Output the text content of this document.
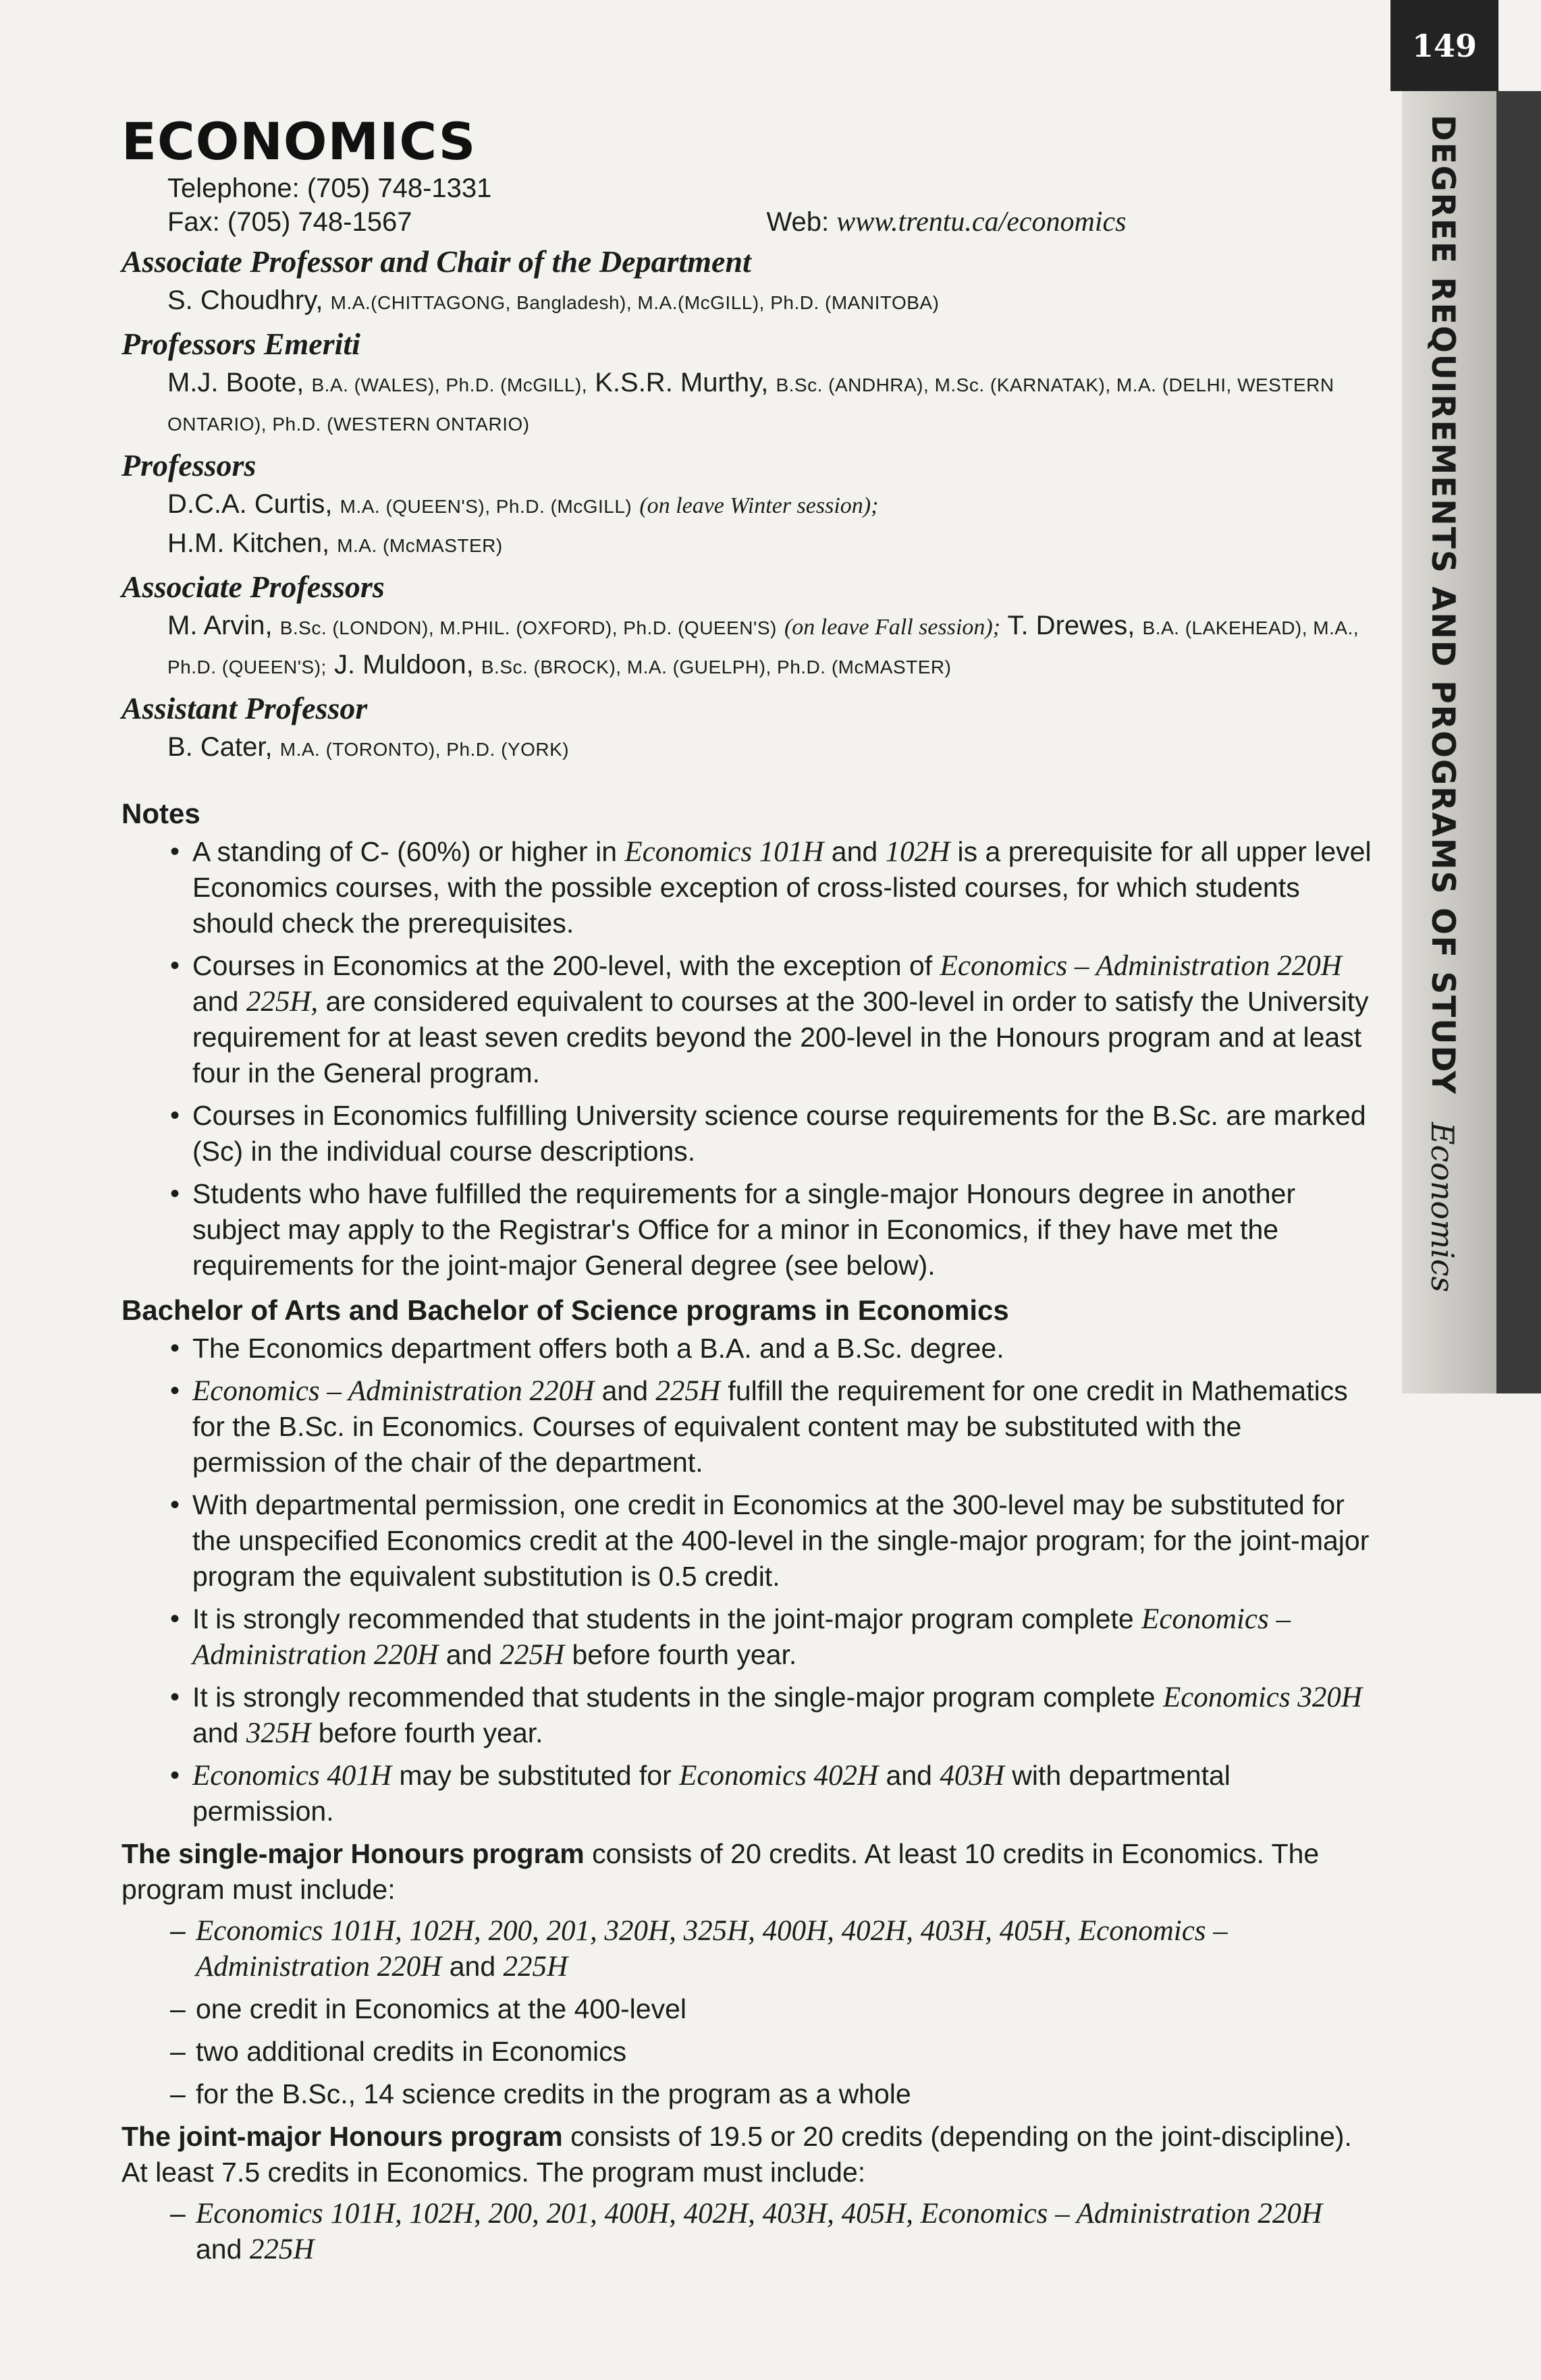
149
DEGREE REQUIREMENTS AND PROGRAMS OF STUDYEconomics
ECONOMICS
Telephone: (705) 748-1331
Fax: (705) 748-1567	Web: www.trentu.ca/economics
Associate Professor and Chair of the Department
S. Choudhry, M.A.(CHITTAGONG, Bangladesh), M.A.(McGILL), Ph.D. (MANITOBA)
Professors Emeriti
M.J. Boote, B.A. (WALES), Ph.D. (McGILL), K.S.R. Murthy, B.Sc. (ANDHRA), M.Sc. (KARNATAK), M.A. (DELHI, WESTERN ONTARIO), Ph.D. (WESTERN ONTARIO)
Professors
D.C.A. Curtis, M.A. (QUEEN'S), Ph.D. (McGILL) (on leave Winter session);
H.M. Kitchen, M.A. (McMASTER)
Associate Professors
M. Arvin, B.Sc. (LONDON), M.PHIL. (OXFORD), Ph.D. (QUEEN'S) (on leave Fall session); T. Drewes, B.A. (LAKEHEAD), M.A., Ph.D. (QUEEN'S); J. Muldoon, B.Sc. (BROCK), M.A. (GUELPH), Ph.D. (McMASTER)
Assistant Professor
B. Cater, M.A. (TORONTO), Ph.D. (YORK)
Notes
• A standing of C- (60%) or higher in Economics 101H and 102H is a prerequisite for all upper level Economics courses, with the possible exception of cross-listed courses, for which students should check the prerequisites.
• Courses in Economics at the 200-level, with the exception of Economics – Administration 220H and 225H, are considered equivalent to courses at the 300-level in order to satisfy the University requirement for at least seven credits beyond the 200-level in the Honours program and at least four in the General program.
• Courses in Economics fulfilling University science course requirements for the B.Sc. are marked (Sc) in the individual course descriptions.
• Students who have fulfilled the requirements for a single-major Honours degree in another subject may apply to the Registrar's Office for a minor in Economics, if they have met the requirements for the joint-major General degree (see below).
Bachelor of Arts and Bachelor of Science programs in Economics
• The Economics department offers both a B.A. and a B.Sc. degree.
• Economics – Administration 220H and 225H fulfill the requirement for one credit in Mathematics for the B.Sc. in Economics. Courses of equivalent content may be substituted with the permission of the chair of the department.
• With departmental permission, one credit in Economics at the 300-level may be substituted for the unspecified Economics credit at the 400-level in the single-major program; for the joint-major program the equivalent substitution is 0.5 credit.
• It is strongly recommended that students in the joint-major program complete Economics – Administration 220H and 225H before fourth year.
• It is strongly recommended that students in the single-major program complete Economics 320H and 325H before fourth year.
• Economics 401H may be substituted for Economics 402H and 403H with departmental permission.
The single-major Honours program consists of 20 credits. At least 10 credits in Economics. The program must include:
– Economics 101H, 102H, 200, 201, 320H, 325H, 400H, 402H, 403H, 405H, Economics – Administration 220H and 225H
– one credit in Economics at the 400-level
– two additional credits in Economics
– for the B.Sc., 14 science credits in the program as a whole
The joint-major Honours program consists of 19.5 or 20 credits (depending on the joint-discipline). At least 7.5 credits in Economics. The program must include:
– Economics 101H, 102H, 200, 201, 400H, 402H, 403H, 405H, Economics – Administration 220H and 225H
